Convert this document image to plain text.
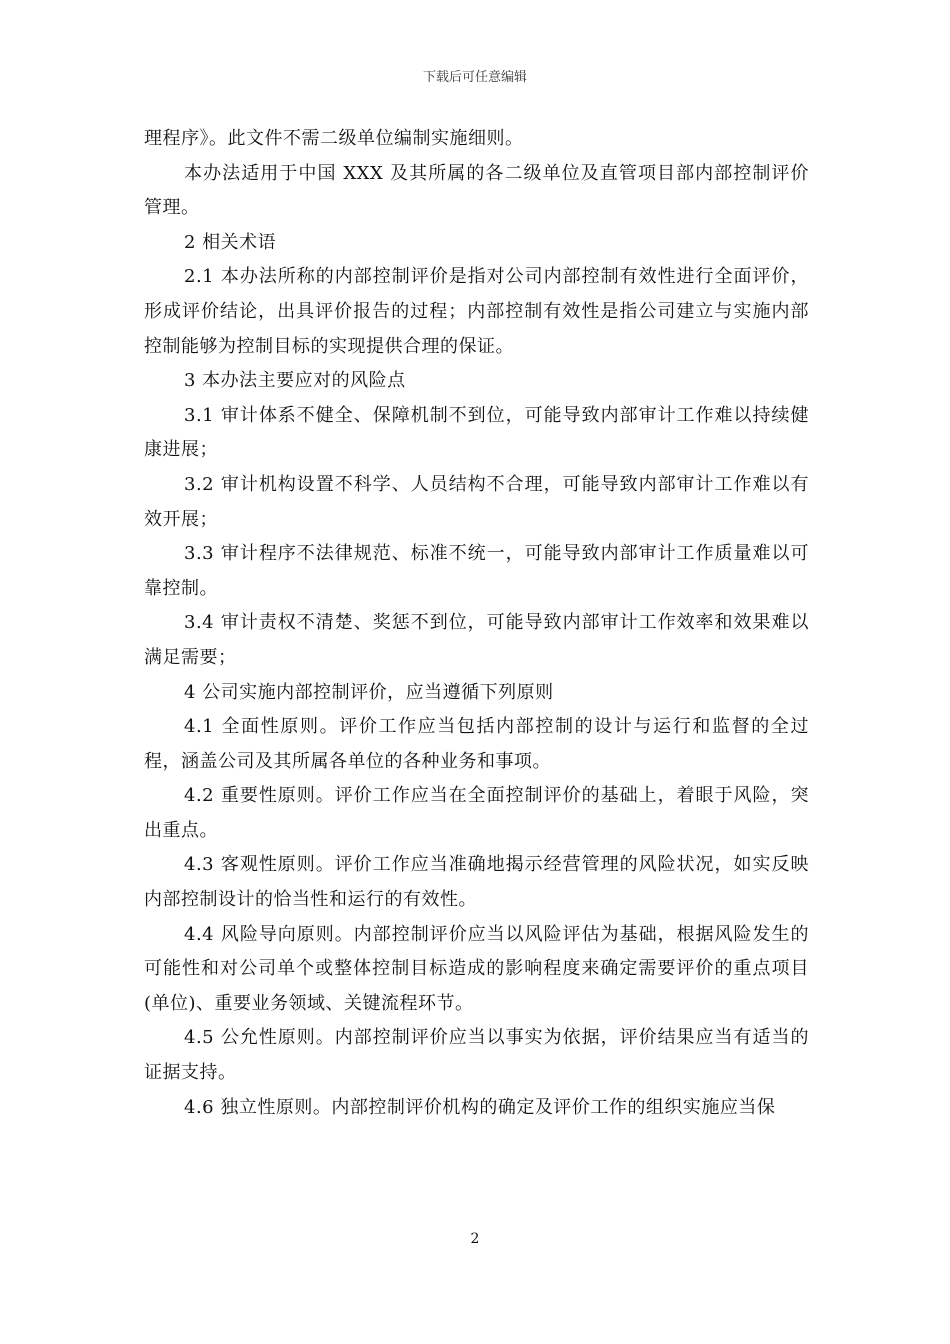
下载后可任意编辑

理程序》。此文件不需二级单位编制实施细则。

本办法适用于中国 XXX 及其所属的各二级单位及直管项目部内部控制评价管理。

2 相关术语

2.1 本办法所称的内部控制评价是指对公司内部控制有效性进行全面评价，形成评价结论，出具评价报告的过程；内部控制有效性是指公司建立与实施内部控制能够为控制目标的实现提供合理的保证。

3 本办法主要应对的风险点

3.1 审计体系不健全、保障机制不到位，可能导致内部审计工作难以持续健康进展；

3.2 审计机构设置不科学、人员结构不合理，可能导致内部审计工作难以有效开展；

3.3 审计程序不法律规范、标准不统一，可能导致内部审计工作质量难以可靠控制。

3.4 审计责权不清楚、奖惩不到位，可能导致内部审计工作效率和效果难以满足需要；

4 公司实施内部控制评价，应当遵循下列原则

4.1 全面性原则。评价工作应当包括内部控制的设计与运行和监督的全过程，涵盖公司及其所属各单位的各种业务和事项。

4.2 重要性原则。评价工作应当在全面控制评价的基础上，着眼于风险，突出重点。

4.3 客观性原则。评价工作应当准确地揭示经营管理的风险状况，如实反映内部控制设计的恰当性和运行的有效性。

4.4 风险导向原则。内部控制评价应当以风险评估为基础，根据风险发生的可能性和对公司单个或整体控制目标造成的影响程度来确定需要评价的重点项目(单位)、重要业务领域、关键流程环节。

4.5 公允性原则。内部控制评价应当以事实为依据，评价结果应当有适当的证据支持。

4.6 独立性原则。内部控制评价机构的确定及评价工作的组织实施应当保

2
